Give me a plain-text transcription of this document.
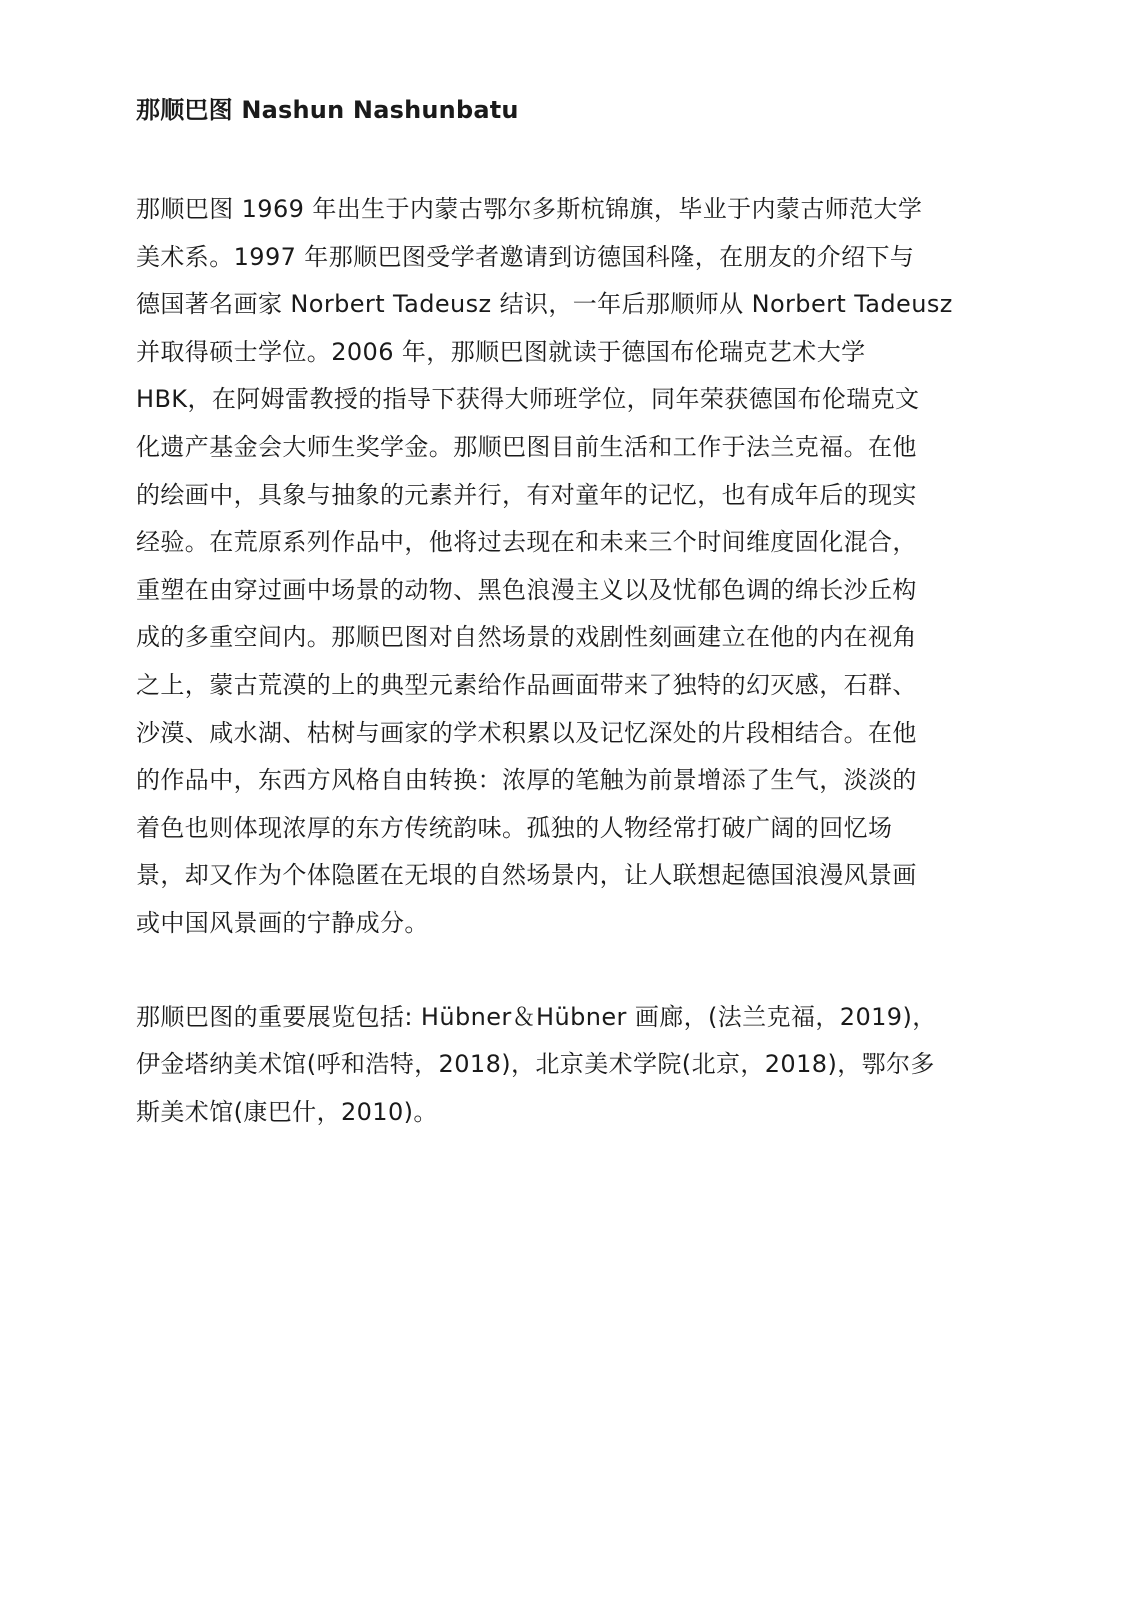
那顺巴图 Nashun Nashunbatu

那顺巴图 1969 年出生于内蒙古鄂尔多斯杭锦旗，毕业于内蒙古师范大学
美术系。1997 年那顺巴图受学者邀请到访德国科隆，在朋友的介绍下与
德国著名画家 Norbert Tadeusz 结识，一年后那顺师从 Norbert Tadeusz
并取得硕士学位。2006 年，那顺巴图就读于德国布伦瑞克艺术大学
HBK，在阿姆雷教授的指导下获得大师班学位，同年荣获德国布伦瑞克文
化遗产基金会大师生奖学金。那顺巴图目前生活和工作于法兰克福。在他
的绘画中，具象与抽象的元素并行，有对童年的记忆，也有成年后的现实
经验。在荒原系列作品中，他将过去现在和未来三个时间维度固化混合，
重塑在由穿过画中场景的动物、黑色浪漫主义以及忧郁色调的绵长沙丘构
成的多重空间内。那顺巴图对自然场景的戏剧性刻画建立在他的内在视角
之上，蒙古荒漠的上的典型元素给作品画面带来了独特的幻灭感，石群、
沙漠、咸水湖、枯树与画家的学术积累以及记忆深处的片段相结合。在他
的作品中，东西方风格自由转换：浓厚的笔触为前景增添了生气，淡淡的
着色也则体现浓厚的东方传统韵味。孤独的人物经常打破广阔的回忆场
景，却又作为个体隐匿在无垠的自然场景内，让人联想起德国浪漫风景画
或中国风景画的宁静成分。

那顺巴图的重要展览包括: Hübner＆Hübner 画廊，(法兰克福，2019)，
伊金塔纳美术馆(呼和浩特，2018)，北京美术学院(北京，2018)，鄂尔多
斯美术馆(康巴什，2010)。
